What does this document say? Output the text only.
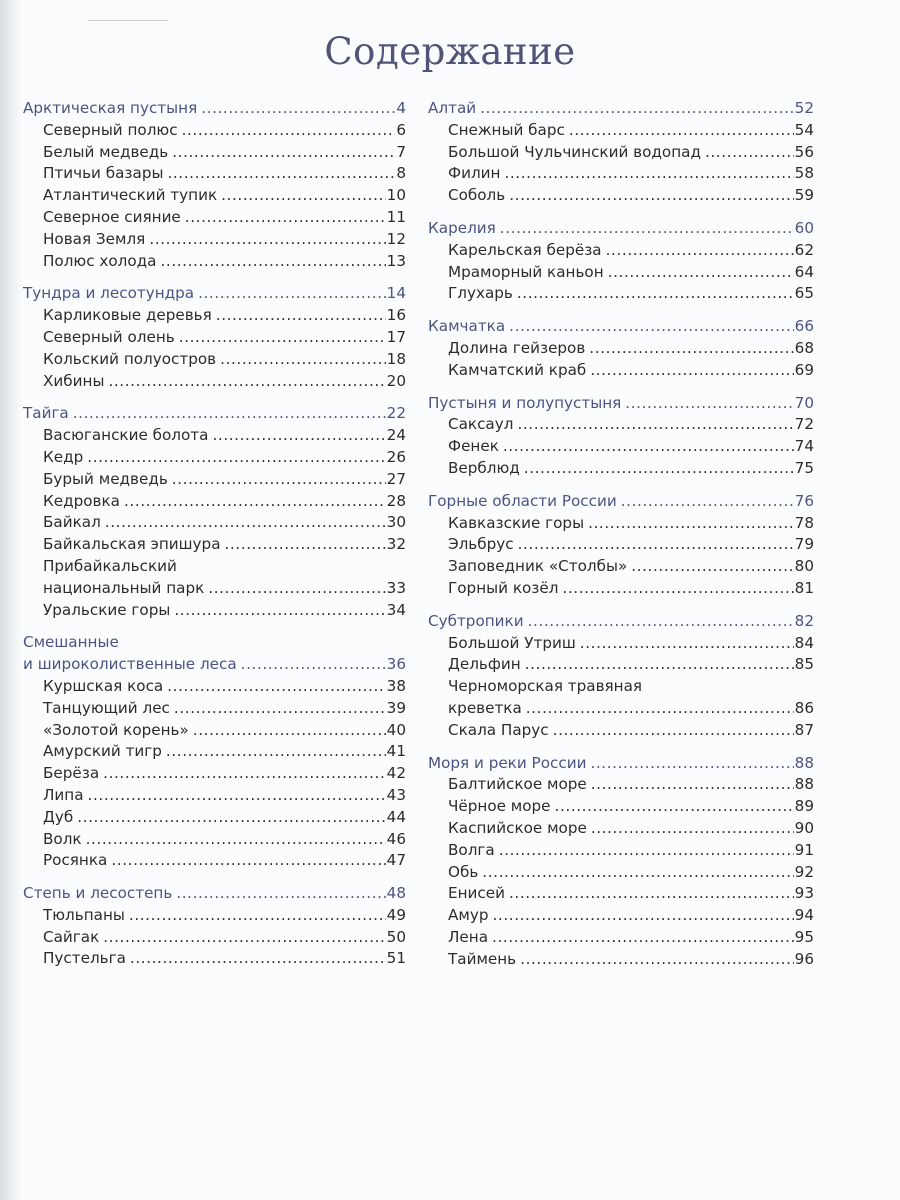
Содержание
Арктическая пустыня .....	4
Северный полюс .....	6
Белый медведь .....	7
Птичьи базары .....	8
Атлантический тупик .....	10
Северное сияние .....	11
Новая Земля .....	12
Полюс холода .....	13
Тундра и лесотундра .....	14
Карликовые деревья .....	16
Северный олень .....	17
Кольский полуостров .....	18
Хибины .....	20
Тайга .....	22
Васюганские болота .....	24
Кедр .....	26
Бурый медведь .....	27
Кедровка .....	28
Байкал .....	30
Байкальская эпишура .....	32
Прибайкальский
национальный парк .....	33
Уральские горы .....	34
Смешанные
и широколиственные леса .....	36
Куршская коса .....	38
Танцующий лес .....	39
«Золотой корень» .....	40
Амурский тигр .....	41
Берёза .....	42
Липа .....	43
Дуб .....	44
Волк .....	46
Росянка .....	47
Степь и лесостепь .....	48
Тюльпаны .....	49
Сайгак .....	50
Пустельга .....	51
Алтай .....	52
Снежный барс .....	54
Большой Чульчинский водопад .....	56
Филин .....	58
Соболь .....	59
Карелия .....	60
Карельская берёза .....	62
Мраморный каньон .....	64
Глухарь .....	65
Камчатка .....	66
Долина гейзеров .....	68
Камчатский краб .....	69
Пустыня и полупустыня .....	70
Саксаул .....	72
Фенек .....	74
Верблюд .....	75
Горные области России .....	76
Кавказские горы .....	78
Эльбрус .....	79
Заповедник «Столбы» .....	80
Горный козёл .....	81
Субтропики .....	82
Большой Утриш .....	84
Дельфин .....	85
Черноморская травяная
креветка .....	86
Скала Парус .....	87
Моря и реки России .....	88
Балтийское море .....	88
Чёрное море .....	89
Каспийское море .....	90
Волга .....	91
Обь .....	92
Енисей .....	93
Амур .....	94
Лена .....	95
Таймень .....	96
